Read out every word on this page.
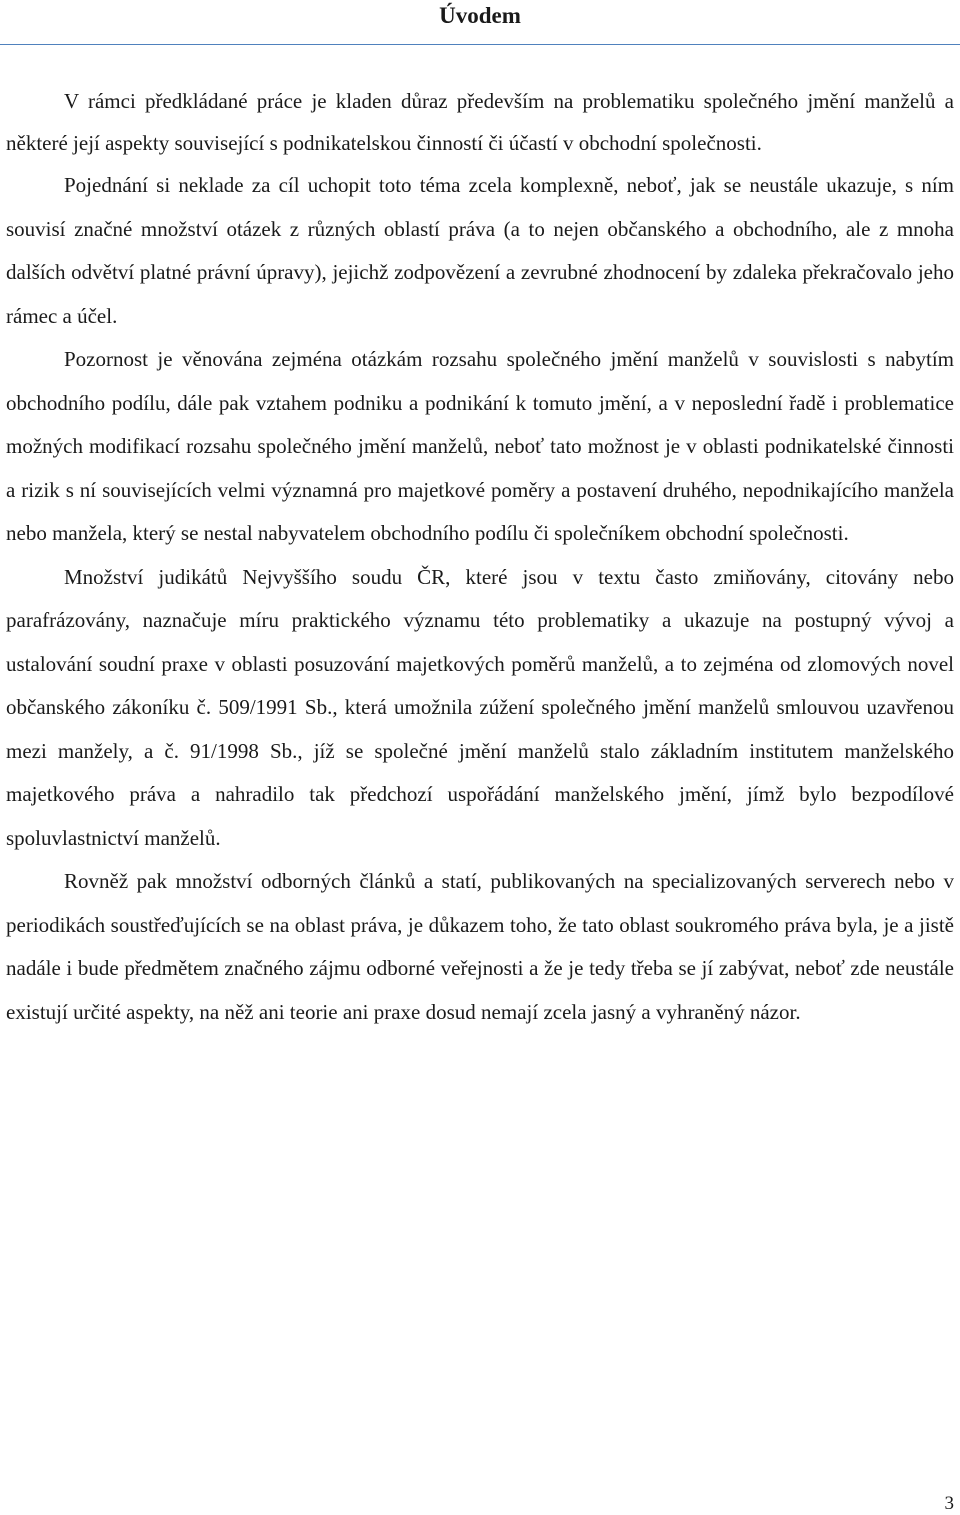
Úvodem

V rámci předkládané práce je kladen důraz především na problematiku společného jmění manželů a některé její aspekty související s podnikatelskou činností či účastí v obchodní společnosti.

Pojednání si neklade za cíl uchopit toto téma zcela komplexně, neboť, jak se neustále ukazuje, s ním souvisí značné množství otázek z různých oblastí práva (a to nejen občanského a obchodního, ale z mnoha dalších odvětví platné právní úpravy), jejichž zodpovězení a zevrubné zhodnocení by zdaleka překračovalo jeho rámec a účel.

Pozornost je věnována zejména otázkám rozsahu společného jmění manželů v souvislosti s nabytím obchodního podílu, dále pak vztahem podniku a podnikání k tomuto jmění, a v neposlední řadě i problematice možných modifikací rozsahu společného jmění manželů, neboť tato možnost je v oblasti podnikatelské činnosti a rizik s ní souvisejících velmi významná pro majetkové poměry a postavení druhého, nepodnikajícího manžela nebo manžela, který se nestal nabyvatelem obchodního podílu či společníkem obchodní společnosti.

Množství judikátů Nejvyššího soudu ČR, které jsou v textu často zmiňovány, citovány nebo parafrázovány, naznačuje míru praktického významu této problematiky a ukazuje na postupný vývoj a ustalování soudní praxe v oblasti posuzování majetkových poměrů manželů, a to zejména od zlomových novel občanského zákoníku č. 509/1991 Sb., která umožnila zúžení společného jmění manželů smlouvou uzavřenou mezi manžely, a č. 91/1998 Sb., jíž se společné jmění manželů stalo základním institutem manželského majetkového práva a nahradilo tak předchozí uspořádání manželského jmění, jímž bylo bezpodílové spoluvlastnictví manželů.

Rovněž pak množství odborných článků a statí, publikovaných na specializovaných serverech nebo v periodikách soustřeďujících se na oblast práva, je důkazem toho, že tato oblast soukromého práva byla, je a jistě nadále i bude předmětem značného zájmu odborné veřejnosti a že je tedy třeba se jí zabývat, neboť zde neustále existují určité aspekty, na něž ani teorie ani praxe dosud nemají zcela jasný a vyhraněný názor.

3
